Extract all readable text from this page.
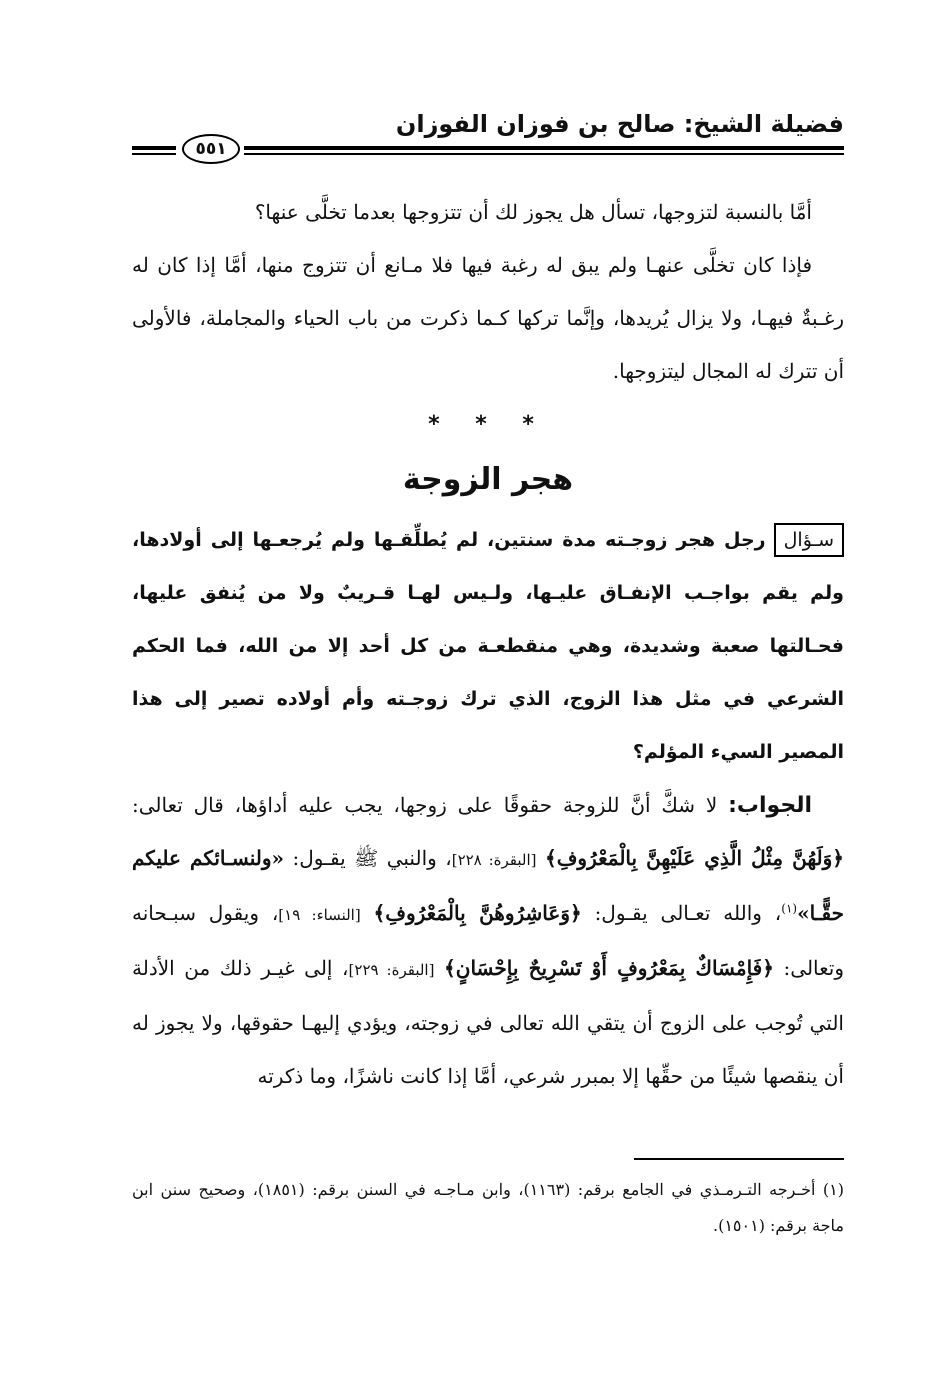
فضيلة الشيخ: صالح بن فوزان الفوزان
٥٥١

أمَّا بالنسبة لتزوجها، تسأل هل يجوز لك أن تتزوجها بعدما تخلَّى عنها؟

فإذا كان تخلَّى عنهـا ولم يبق له رغبة فيها فلا مـانع أن تتزوج منها، أمَّا إذا كان له رغـبةٌ فيهـا، ولا يزال يُريدها، وإنَّما تركها كـما ذكرت من باب الحياء والمجاملة، فالأولى أن تترك له المجال ليتزوجها.

* * *
هجر الزوجة

سـؤالرجل هجر زوجـته مدة سنتين، لم يُطلِّقـها ولم يُرجعـها إلى أولادها، ولم يقم بواجـب الإنفـاق عليـها، ولـيس لهـا قـريبٌ ولا من يُنفق عليها، فحـالتها صعبة وشديدة، وهي منقطعـة من كل أحد إلا من الله، فما الحكم الشرعي في مثل هذا الزوج، الذي ترك زوجـته وأم أولاده تصير إلى هذا المصير السيء المؤلم؟

الجواب: لا شكَّ أنَّ للزوجة حقوقًا على زوجها، يجب عليه أداؤها، قال تعالى: ﴿وَلَهُنَّ مِثْلُ الَّذِي عَلَيْهِنَّ بِالْمَعْرُوفِ﴾ [البقرة: ٢٢٨]، والنبي ﷺ يقـول: «ولنسـائكم عليكم حقًّـا»$^{(١)}$، والله تعـالى يقـول: ﴿وَعَاشِرُوهُنَّ بِالْمَعْرُوفِ﴾ [النساء: ١٩]، ويقول سبـحانه وتعالى: ﴿فَإِمْسَاكٌ بِمَعْرُوفٍ أَوْ تَسْرِيحٌ بِإِحْسَانٍ﴾ [البقرة: ٢٢٩]، إلى غيـر ذلك من الأدلة التي تُوجب على الزوج أن يتقي الله تعالى في زوجته، ويؤدي إليهـا حقوقها، ولا يجوز له أن ينقصها شيئًا من حقِّها إلا بمبرر شرعي، أمَّا إذا كانت ناشزًا، وما ذكرته

(١) أخـرجه التـرمـذي في الجامع برقم: (١١٦٣)، وابن مـاجـه في السنن برقم: (١٨٥١)، وصحيح سنن ابن ماجة برقم: (١٥٠١).
